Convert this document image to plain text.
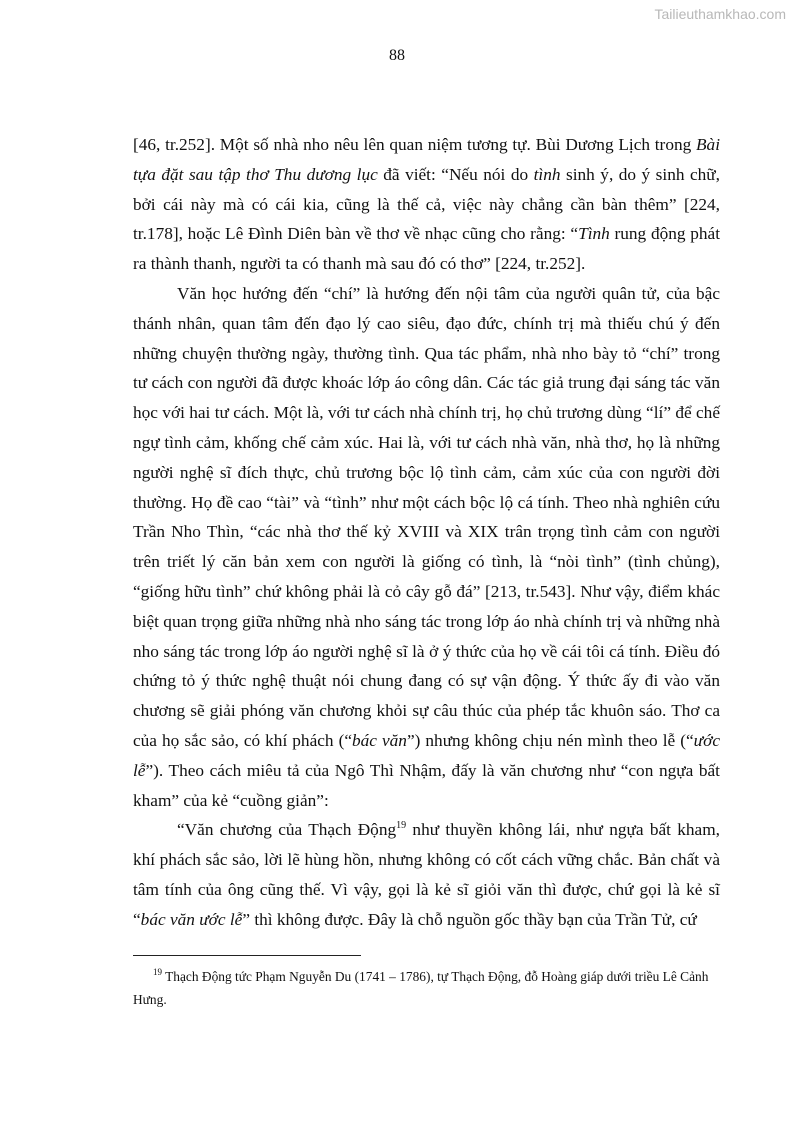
Tailieuthamkhao.com
88

[46, tr.252]. Một số nhà nho nêu lên quan niệm tương tự. Bùi Dương Lịch trong Bài tựa đặt sau tập thơ Thu dương lục đã viết: “Nếu nói do tình sinh ý, do ý sinh chữ, bởi cái này mà có cái kia, cũng là thế cả, việc này chẳng cần bàn thêm” [224, tr.178], hoặc Lê Đình Diên bàn về thơ về nhạc cũng cho rằng: “Tình rung động phát ra thành thanh, người ta có thanh mà sau đó có thơ” [224, tr.252].

Văn học hướng đến “chí” là hướng đến nội tâm của người quân tử, của bậc thánh nhân, quan tâm đến đạo lý cao siêu, đạo đức, chính trị mà thiếu chú ý đến những chuyện thường ngày, thường tình. Qua tác phẩm, nhà nho bày tỏ “chí” trong tư cách con người đã được khoác lớp áo công dân. Các tác giả trung đại sáng tác văn học với hai tư cách. Một là, với tư cách nhà chính trị, họ chủ trương dùng “lí” để chế ngự tình cảm, khống chế cảm xúc. Hai là, với tư cách nhà văn, nhà thơ, họ là những người nghệ sĩ đích thực, chủ trương bộc lộ tình cảm, cảm xúc của con người đời thường. Họ đề cao “tài” và “tình” như một cách bộc lộ cá tính. Theo nhà nghiên cứu Trần Nho Thìn, “các nhà thơ thế kỷ XVIII và XIX trân trọng tình cảm con người trên triết lý căn bản xem con người là giống có tình, là “nòi tình” (tình chủng), “giống hữu tình” chứ không phải là cỏ cây gỗ đá” [213, tr.543]. Như vậy, điểm khác biệt quan trọng giữa những nhà nho sáng tác trong lớp áo nhà chính trị và những nhà nho sáng tác trong lớp áo người nghệ sĩ là ở ý thức của họ về cái tôi cá tính. Điều đó chứng tỏ ý thức nghệ thuật nói chung đang có sự vận động. Ý thức ấy đi vào văn chương sẽ giải phóng văn chương khỏi sự câu thúc của phép tắc khuôn sáo. Thơ ca của họ sắc sảo, có khí phách (“bác văn”) nhưng không chịu nén mình theo lễ (“ước lễ”). Theo cách miêu tả của Ngô Thì Nhậm, đấy là văn chương như “con ngựa bất kham” của kẻ “cuồng giản”:

“Văn chương của Thạch Động$^{19}$ như thuyền không lái, như ngựa bất kham, khí phách sắc sảo, lời lẽ hùng hồn, nhưng không có cốt cách vững chắc. Bản chất và tâm tính của ông cũng thế. Vì vậy, gọi là kẻ sĩ giỏi văn thì được, chứ gọi là kẻ sĩ “bác văn ước lễ” thì không được. Đây là chỗ nguồn gốc thầy bạn của Trần Tử, cứ

$^{19}$ Thạch Động tức Phạm Nguyễn Du (1741 – 1786), tự Thạch Động, đỗ Hoàng giáp dưới triều Lê Cảnh Hưng.
